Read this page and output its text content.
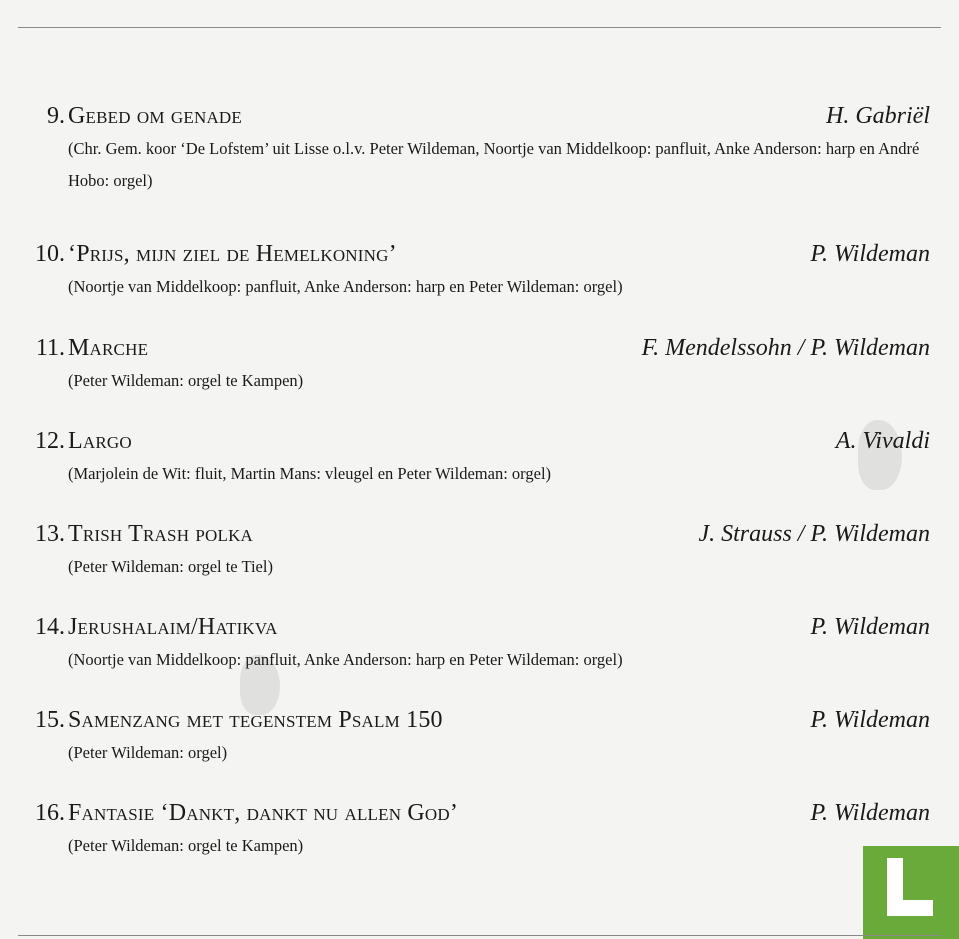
9. Gebed om genade	H. Gabriël
(Chr. Gem. koor ‘De Lofstem’ uit Lisse o.l.v. Peter Wildeman, Noortje van Middelkoop: panfluit, Anke Anderson: harp en André Hobo: orgel)
10. ‘Prijs, mijn ziel de Hemelkoning’	P. Wildeman
(Noortje van Middelkoop: panfluit, Anke Anderson: harp en Peter Wildeman: orgel)
11. Marche	F. Mendelssohn / P. Wildeman
(Peter Wildeman: orgel te Kampen)
12. Largo	A. Vivaldi
(Marjolein de Wit: fluit, Martin Mans: vleugel en Peter Wildeman: orgel)
13. Trish Trash polka	J. Strauss / P. Wildeman
(Peter Wildeman: orgel te Tiel)
14. Jerushalaim/Hatikva	P. Wildeman
(Noortje van Middelkoop: panfluit, Anke Anderson: harp en Peter Wildeman: orgel)
15. Samenzang met tegenstem Psalm 150	P. Wildeman
(Peter Wildeman: orgel)
16. Fantasie ‘Dankt, dankt nu allen God’	P. Wildeman
(Peter Wildeman: orgel te Kampen)
